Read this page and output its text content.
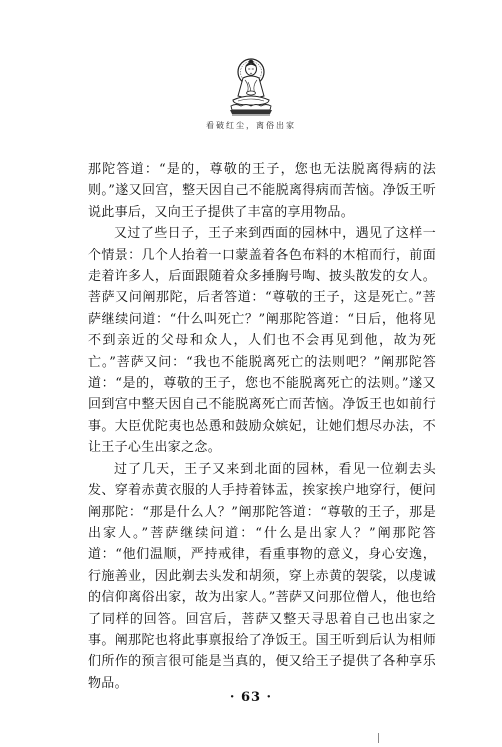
看破红尘，离俗出家

那陀答道：“是的，尊敬的王子，您也无法脱离得病的法则。”遂又回宫，整天因自己不能脱离得病而苦恼。净饭王听说此事后，又向王子提供了丰富的享用物品。

又过了些日子，王子来到西面的园林中，遇见了这样一个情景：几个人抬着一口蒙盖着各色布料的木棺而行，前面走着许多人，后面跟随着众多捶胸号啕、披头散发的女人。菩萨又问阐那陀，后者答道：“尊敬的王子，这是死亡。”菩萨继续问道：“什么叫死亡？”阐那陀答道：“日后，他将见不到亲近的父母和众人，人们也不会再见到他，故为死亡。”菩萨又问：“我也不能脱离死亡的法则吧？”阐那陀答道：“是的，尊敬的王子，您也不能脱离死亡的法则。”遂又回到宫中整天因自己不能脱离死亡而苦恼。净饭王也如前行事。大臣优陀夷也怂恿和鼓励众嫔妃，让她们想尽办法，不让王子心生出家之念。

过了几天，王子又来到北面的园林，看见一位剃去头发、穿着赤黄衣服的人手持着钵盂，挨家挨户地穿行，便问阐那陀：“那是什么人？”阐那陀答道：“尊敬的王子，那是出家人。”菩萨继续问道：“什么是出家人？”阐那陀答道：“他们温顺，严持戒律，看重事物的意义，身心安逸，行施善业，因此剃去头发和胡须，穿上赤黄的袈裟，以虔诚的信仰离俗出家，故为出家人。”菩萨又问那位僧人，他也给了同样的回答。回宫后，菩萨又整天寻思着自己也出家之事。阐那陀也将此事禀报给了净饭王。国王听到后认为相师们所作的预言很可能是当真的，便又给王子提供了各种享乐物品。

· 63 ·
